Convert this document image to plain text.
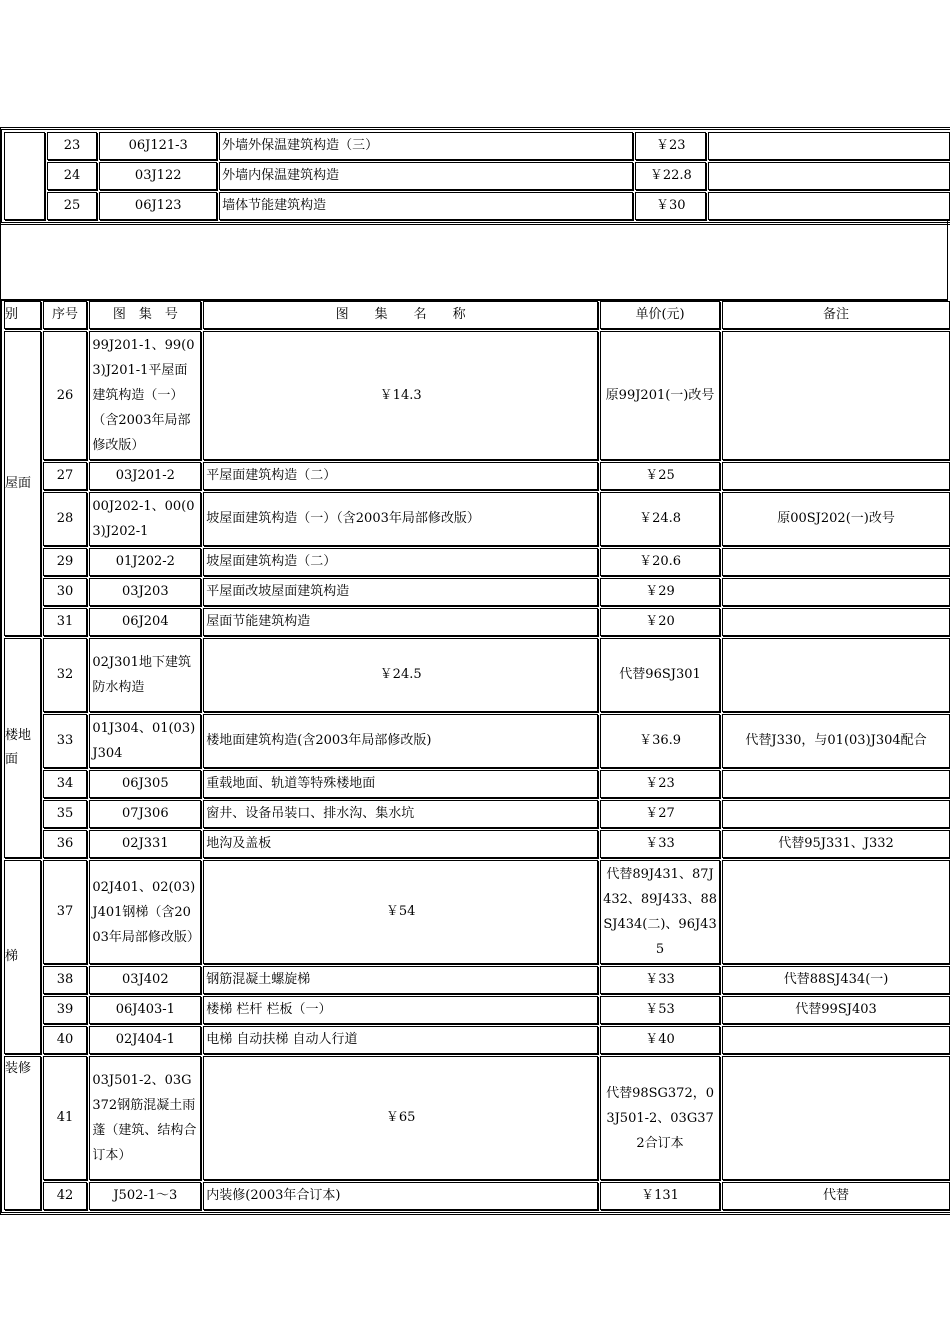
	23	06J121-3	外墙外保温建筑构造（三）	￥23	
	24	03J122	外墙内保温建筑构造	￥22.8	
	25	06J123	墙体节能建筑构造	￥30	
别	序号	图　集　号	图　　集　　名　　称	单价(元)	备注
屋面	26	99J201-1、99(03)J201-1平屋面建筑构造（一）（含2003年局部修改版）	￥14.3	原99J201(一)改号	
	27	03J201-2	平屋面建筑构造（二）	￥25	
	28	00J202-1、00(03)J202-1	坡屋面建筑构造（一）（含2003年局部修改版）	￥24.8	原00SJ202(一)改号
	29	01J202-2	坡屋面建筑构造（二）	￥20.6	
	30	03J203	平屋面改坡屋面建筑构造	￥29	
	31	06J204	屋面节能建筑构造	￥20	
楼地面	32	02J301地下建筑防水构造	￥24.5	代替96SJ301	
	33	01J304、01(03)J304	楼地面建筑构造(含2003年局部修改版)	￥36.9	代替J330，与01(03)J304配合
	34	06J305	重载地面、轨道等特殊楼地面	￥23	
	35	07J306	窗井、设备吊装口、排水沟、集水坑	￥27	
	36	02J331	地沟及盖板	￥33	代替95J331、J332
梯	37	02J401、02(03)J401钢梯（含2003年局部修改版）	￥54	代替89J431、87J432、89J433、88SJ434(二)、96J435	
	38	03J402	钢筋混凝土螺旋梯	￥33	代替88SJ434(一)
	39	06J403-1	楼梯 栏杆 栏板（一）	￥53	代替99SJ403
	40	02J404-1	电梯 自动扶梯 自动人行道	￥40	
装修	41	03J501-2、03G372钢筋混凝土雨蓬（建筑、结构合订本）	￥65	代替98SG372，03J501-2、03G372合订本	
	42	J502-1～3	内装修(2003年合订本)	￥131	代替
